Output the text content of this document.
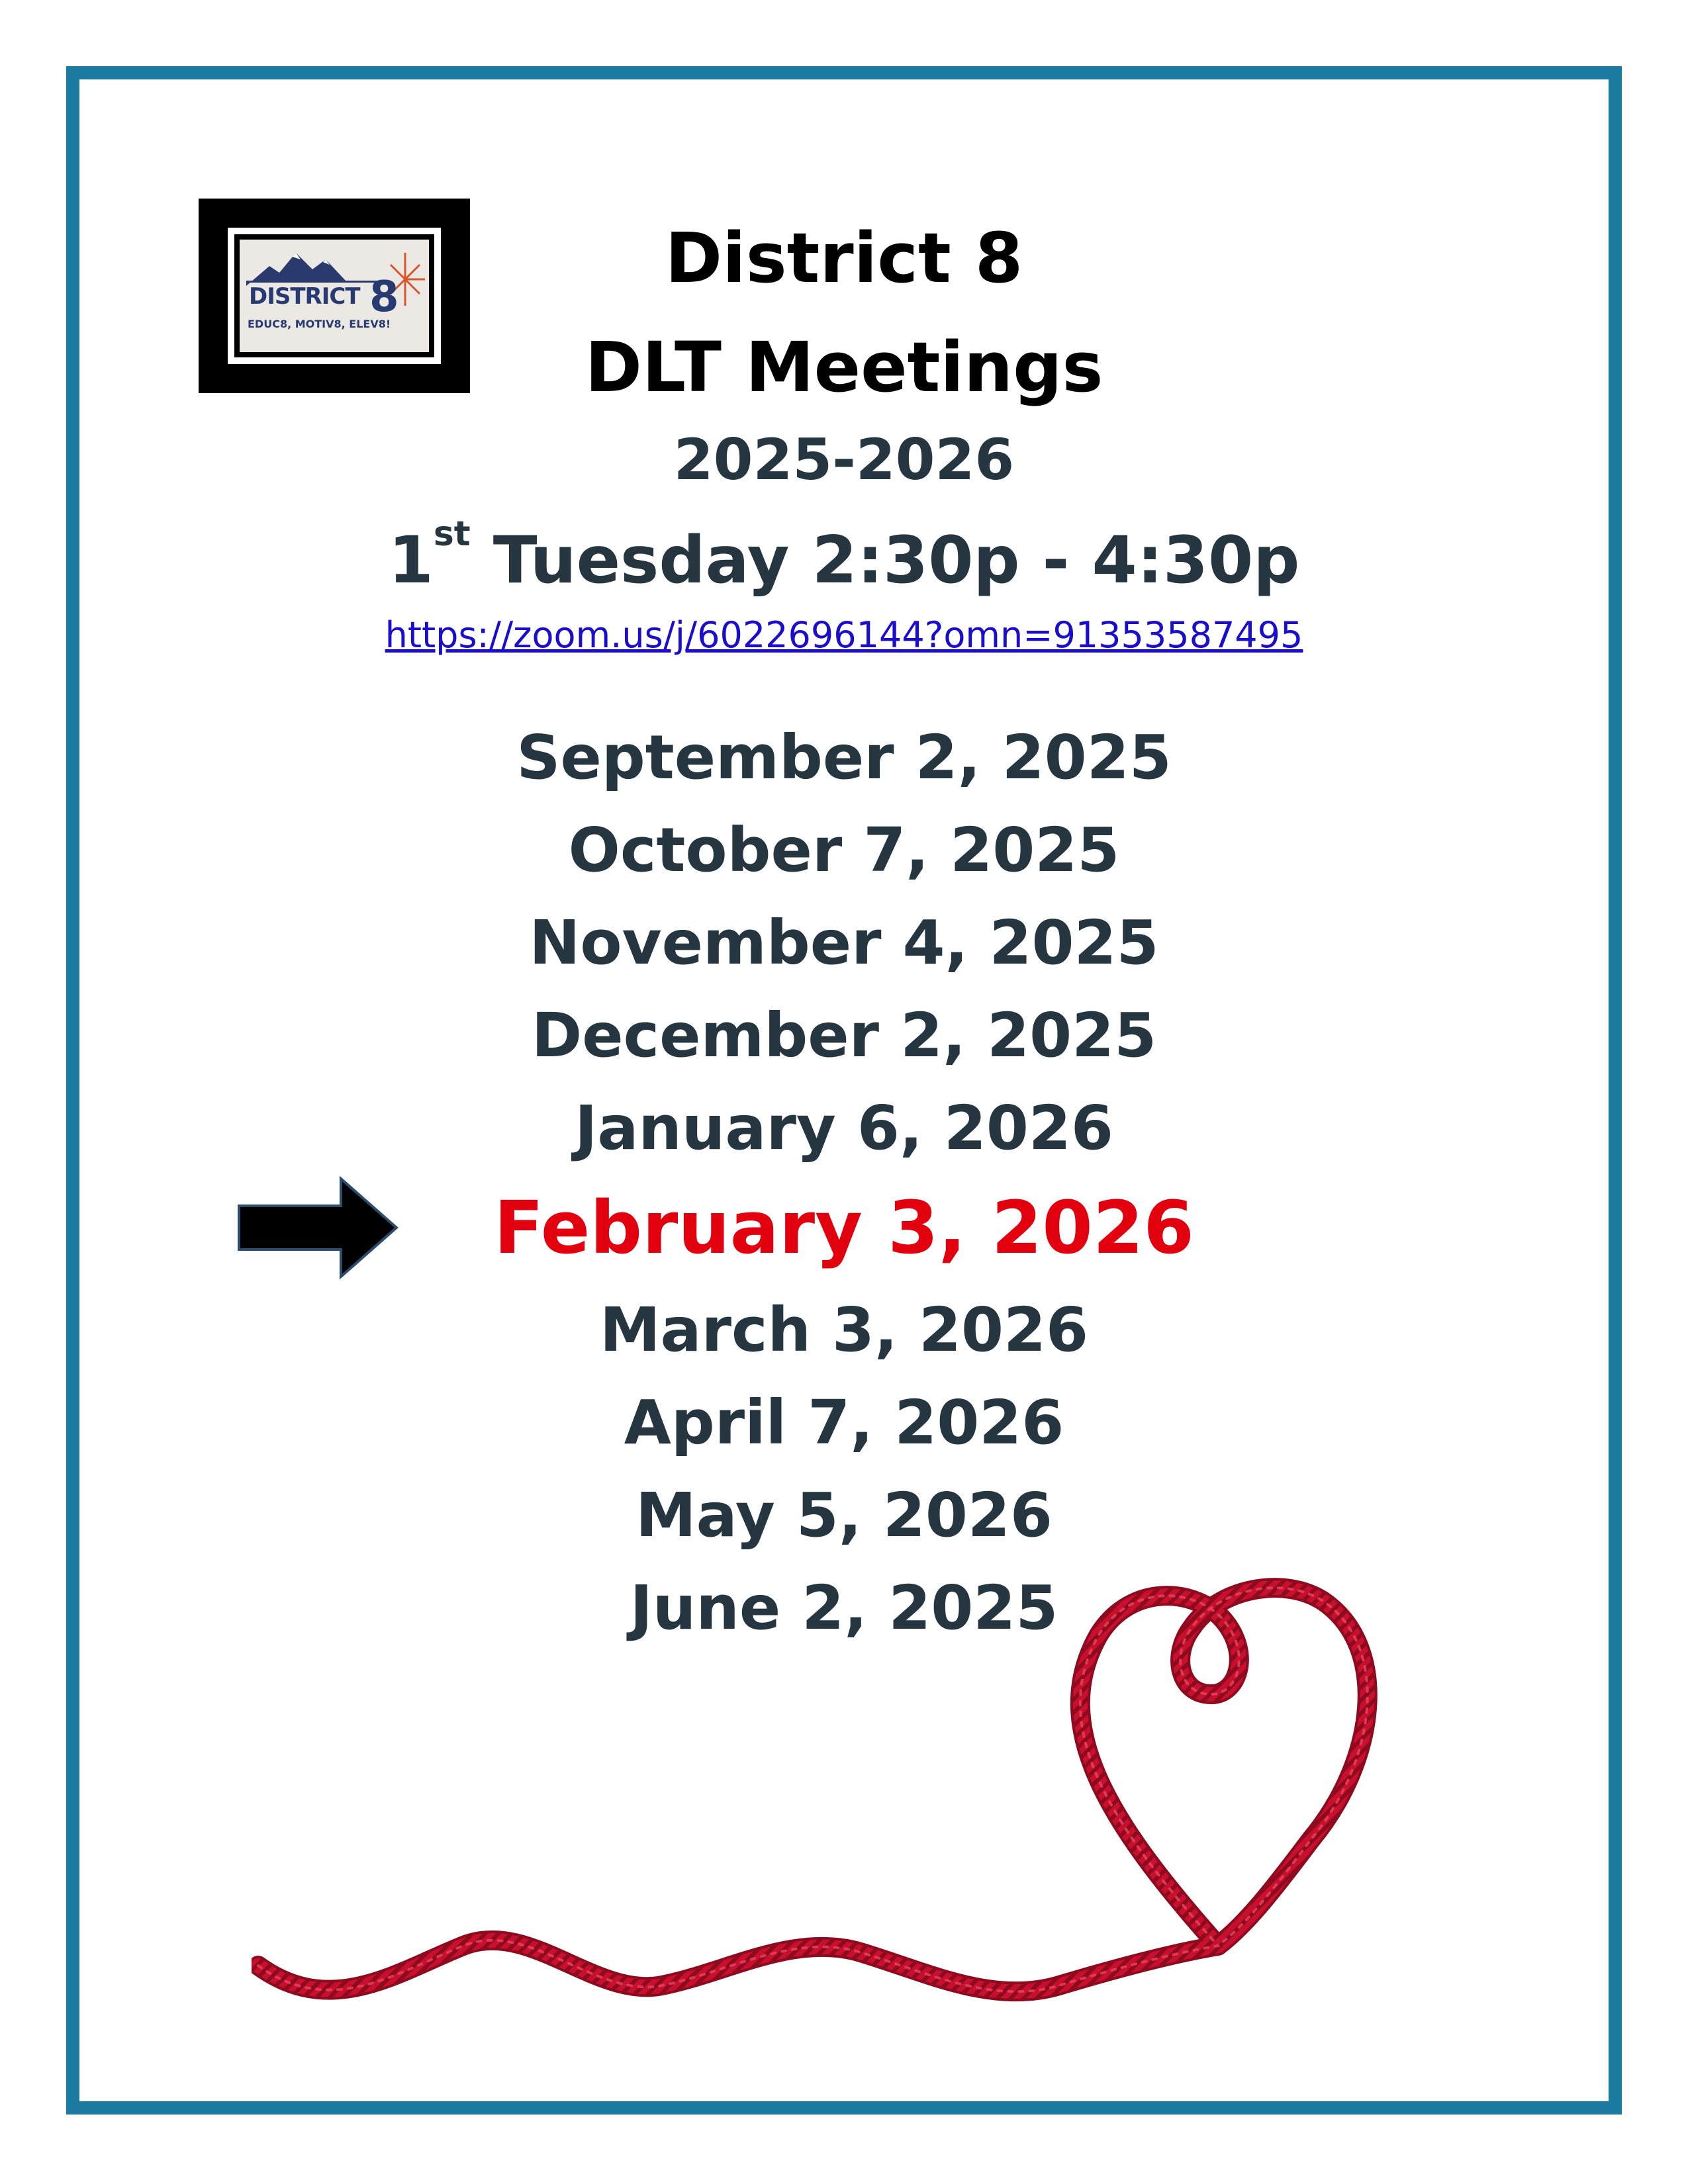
DISTRICT 8
EDUC8, MOTIV8, ELEV8!
District 8
DLT Meetings
2025-2026
1st Tuesday 2:30p - 4:30p
https://zoom.us/j/6022696144?omn=91353587495
September 2, 2025
October 7, 2025
November 4, 2025
December 2, 2025
January 6, 2026
February 3, 2026
March 3, 2026
April 7, 2026
May 5, 2026
June 2, 2025
